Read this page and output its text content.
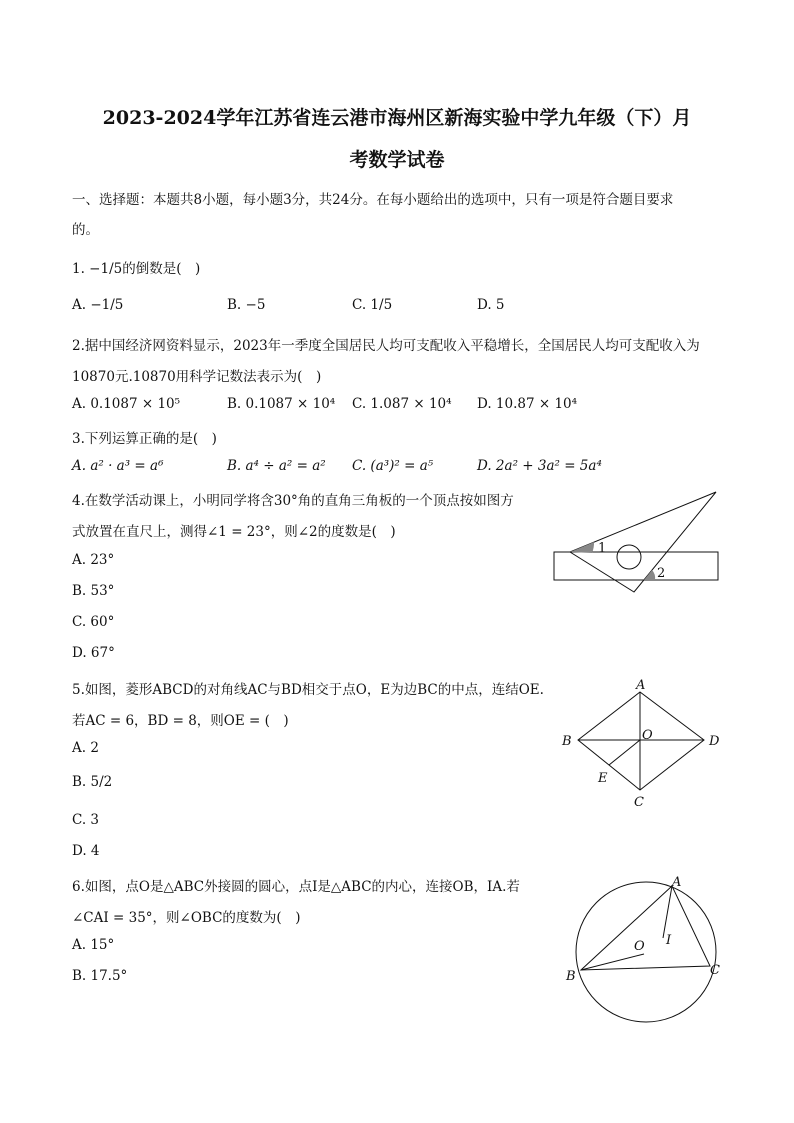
2023-2024学年江苏省连云港市海州区新海实验中学九年级（下）月
考数学试卷
一、选择题：本题共8小题，每小题3分，共24分。在每小题给出的选项中，只有一项是符合题目要求
的。
1. −1/5的倒数是(　)
A. −1/5	B. −5	C. 1/5	D. 5
2.据中国经济网资料显示，2023年一季度全国居民人均可支配收入平稳增长，全国居民人均可支配收入为
10870元.10870用科学记数法表示为(　)
A. 0.1087 × 10⁵	B. 0.1087 × 10⁴ C. 1.087 × 10⁴ D. 10.87 × 10⁴
3.下列运算正确的是(　)
A. a² · a³ = a⁶	B. a⁴ ÷ a² = a² C. (a³)² = a⁵	D. 2a² + 3a² = 5a⁴
4.在数学活动课上，小明同学将含30°角的直角三角板的一个顶点按如图方
式放置在直尺上，测得∠1 = 23°，则∠2的度数是(　)
A. 23°
B. 53°
C. 60°
D. 67°
1
2
5.如图，菱形ABCD的对角线AC与BD相交于点O，E为边BC的中点，连结OE.
若AC = 6，BD = 8，则OE = (　)
A. 2
B. 5/2
C. 3
D. 4
A
B
C
D
O
E
6.如图，点O是△ABC外接圆的圆心，点I是△ABC的内心，连接OB，IA.若
∠CAI = 35°，则∠OBC的度数为(　)
A. 15°
B. 17.5°
A
B	C
O I
